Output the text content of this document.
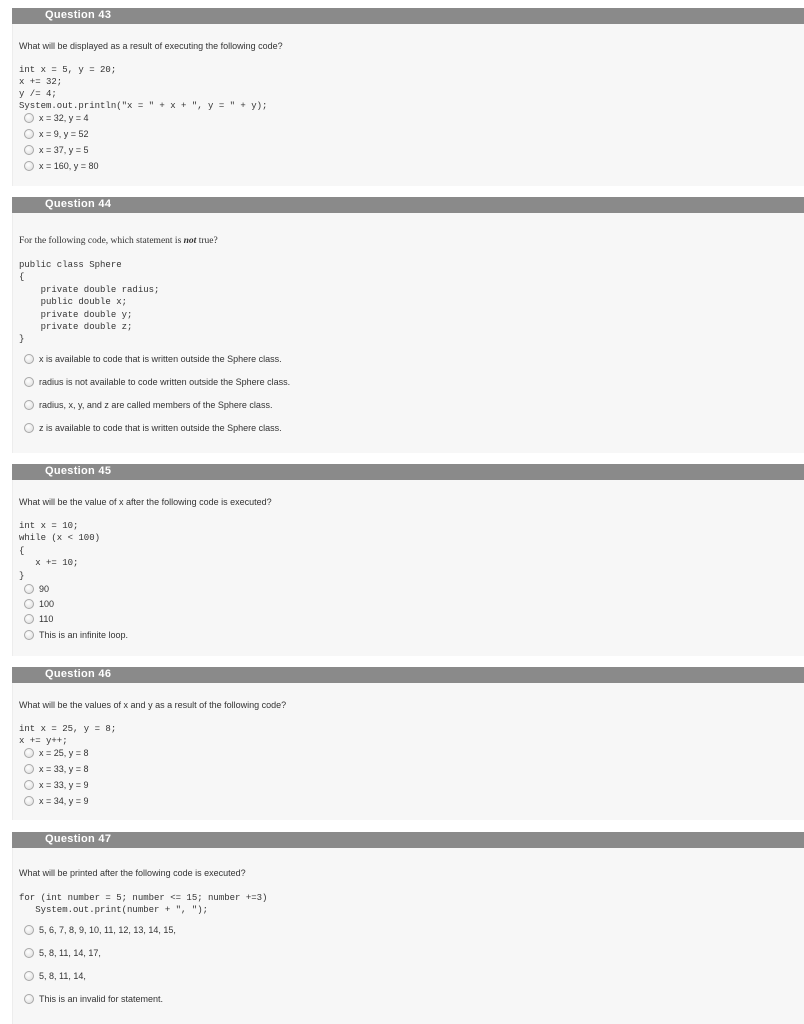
Question 43
What will be displayed as a result of executing the following code?
int x = 5, y = 20;
x += 32;
y /= 4;
System.out.println("x = " + x + ", y = " + y);
x = 32, y = 4
x = 9, y = 52
x = 37, y = 5
x = 160, y = 80
Question 44
For the following code, which statement is not true?
public class Sphere
{
private double radius;
public double x;
private double y;
private double z;
}
x is available to code that is written outside the Sphere class.
radius is not available to code written outside the Sphere class.
radius, x, y, and z are called members of the Sphere class.
z is available to code that is written outside the Sphere class.
Question 45
What will be the value of x after the following code is executed?
int x = 10;
while (x < 100)
{
x += 10;
}
90
100
110
This is an infinite loop.
Question 46
What will be the values of x and y as a result of the following code?
int x = 25, y = 8;
x += y++;
x = 25, y = 8
x = 33, y = 8
x = 33, y = 9
x = 34, y = 9
Question 47
What will be printed after the following code is executed?
for (int number = 5; number <= 15; number +=3)
System.out.print(number + ", ");
5, 6, 7, 8, 9, 10, 11, 12, 13, 14, 15,
5, 8, 11, 14, 17,
5, 8, 11, 14,
This is an invalid for statement.
